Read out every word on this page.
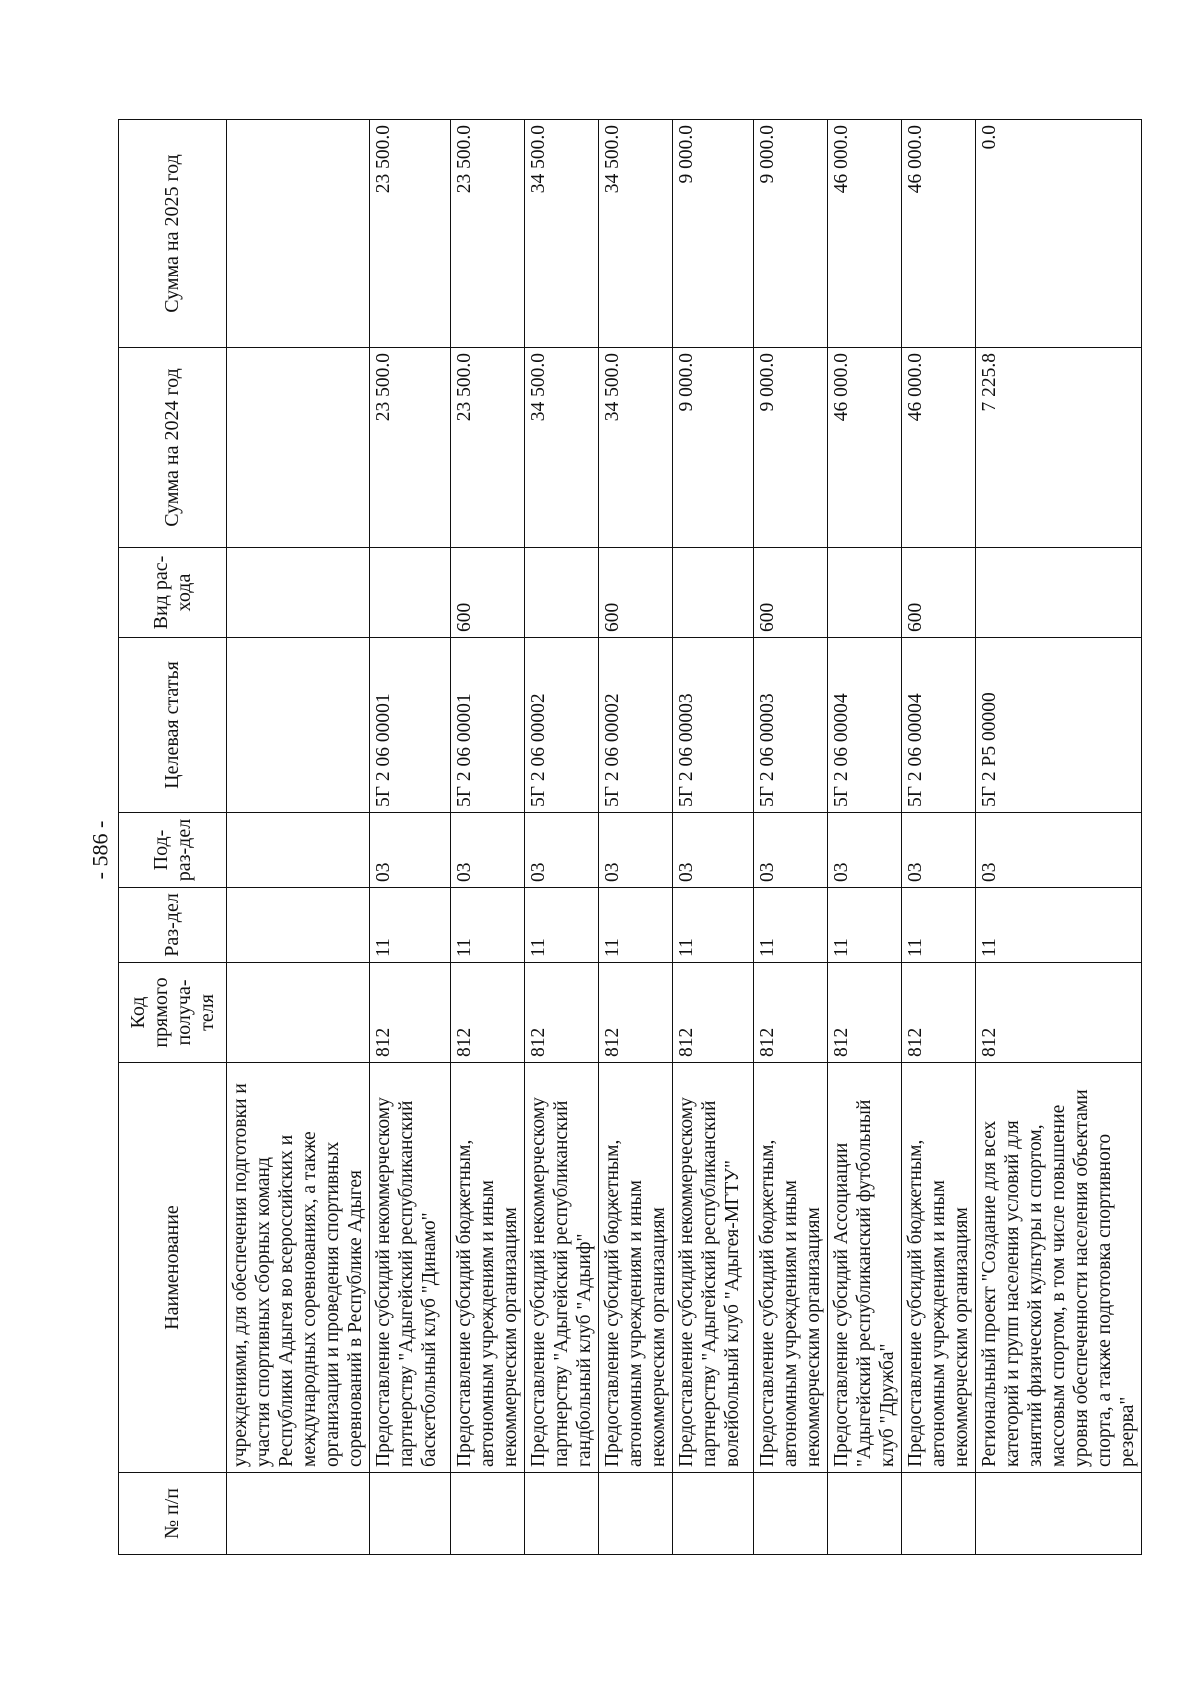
- 586 -
№ п/п	Наименование	Код прямого получа-теля	Раз-дел	Под-раз-дел	Целевая статья	Вид рас-хода	Сумма на 2024 год	Сумма на 2025 год
	учреждениями, для обеспечения подготовки и участия спортивных сборных команд Республики Адыгея во всероссийских и международных соревнованиях, а также организации и проведения спортивных соревнований в Республике Адыгея							
	Предоставление субсидий некоммерческому партнерству "Адыгейский республиканский баскетбольный клуб "Динамо"	812	11	03	5Г 2 06 00001		23 500.0	23 500.0
	Предоставление субсидий бюджетным, автономным учреждениям и иным некоммерческим организациям	812	11	03	5Г 2 06 00001	600	23 500.0	23 500.0
	Предоставление субсидий некоммерческому партнерству "Адыгейский республиканский гандбольный клуб "Адыиф"	812	11	03	5Г 2 06 00002		34 500.0	34 500.0
	Предоставление субсидий бюджетным, автономным учреждениям и иным некоммерческим организациям	812	11	03	5Г 2 06 00002	600	34 500.0	34 500.0
	Предоставление субсидий некоммерческому партнерству "Адыгейский республиканский волейбольный клуб "Адыгея-МГТУ"	812	11	03	5Г 2 06 00003		9 000.0	9 000.0
	Предоставление субсидий бюджетным, автономным учреждениям и иным некоммерческим организациям	812	11	03	5Г 2 06 00003	600	9 000.0	9 000.0
	Предоставление субсидий Ассоциации "Адыгейский республиканский футбольный клуб "Дружба"	812	11	03	5Г 2 06 00004		46 000.0	46 000.0
	Предоставление субсидий бюджетным, автономным учреждениям и иным некоммерческим организациям	812	11	03	5Г 2 06 00004	600	46 000.0	46 000.0
	Региональный проект "Создание для всех категорий и групп населения условий для занятий физической культуры и спортом, массовым спортом, в том числе повышение уровня обеспеченности населения объектами спорта, а также подготовка спортивного резерва"	812	11	03	5Г 2 Р5 00000		7 225.8	0.0
